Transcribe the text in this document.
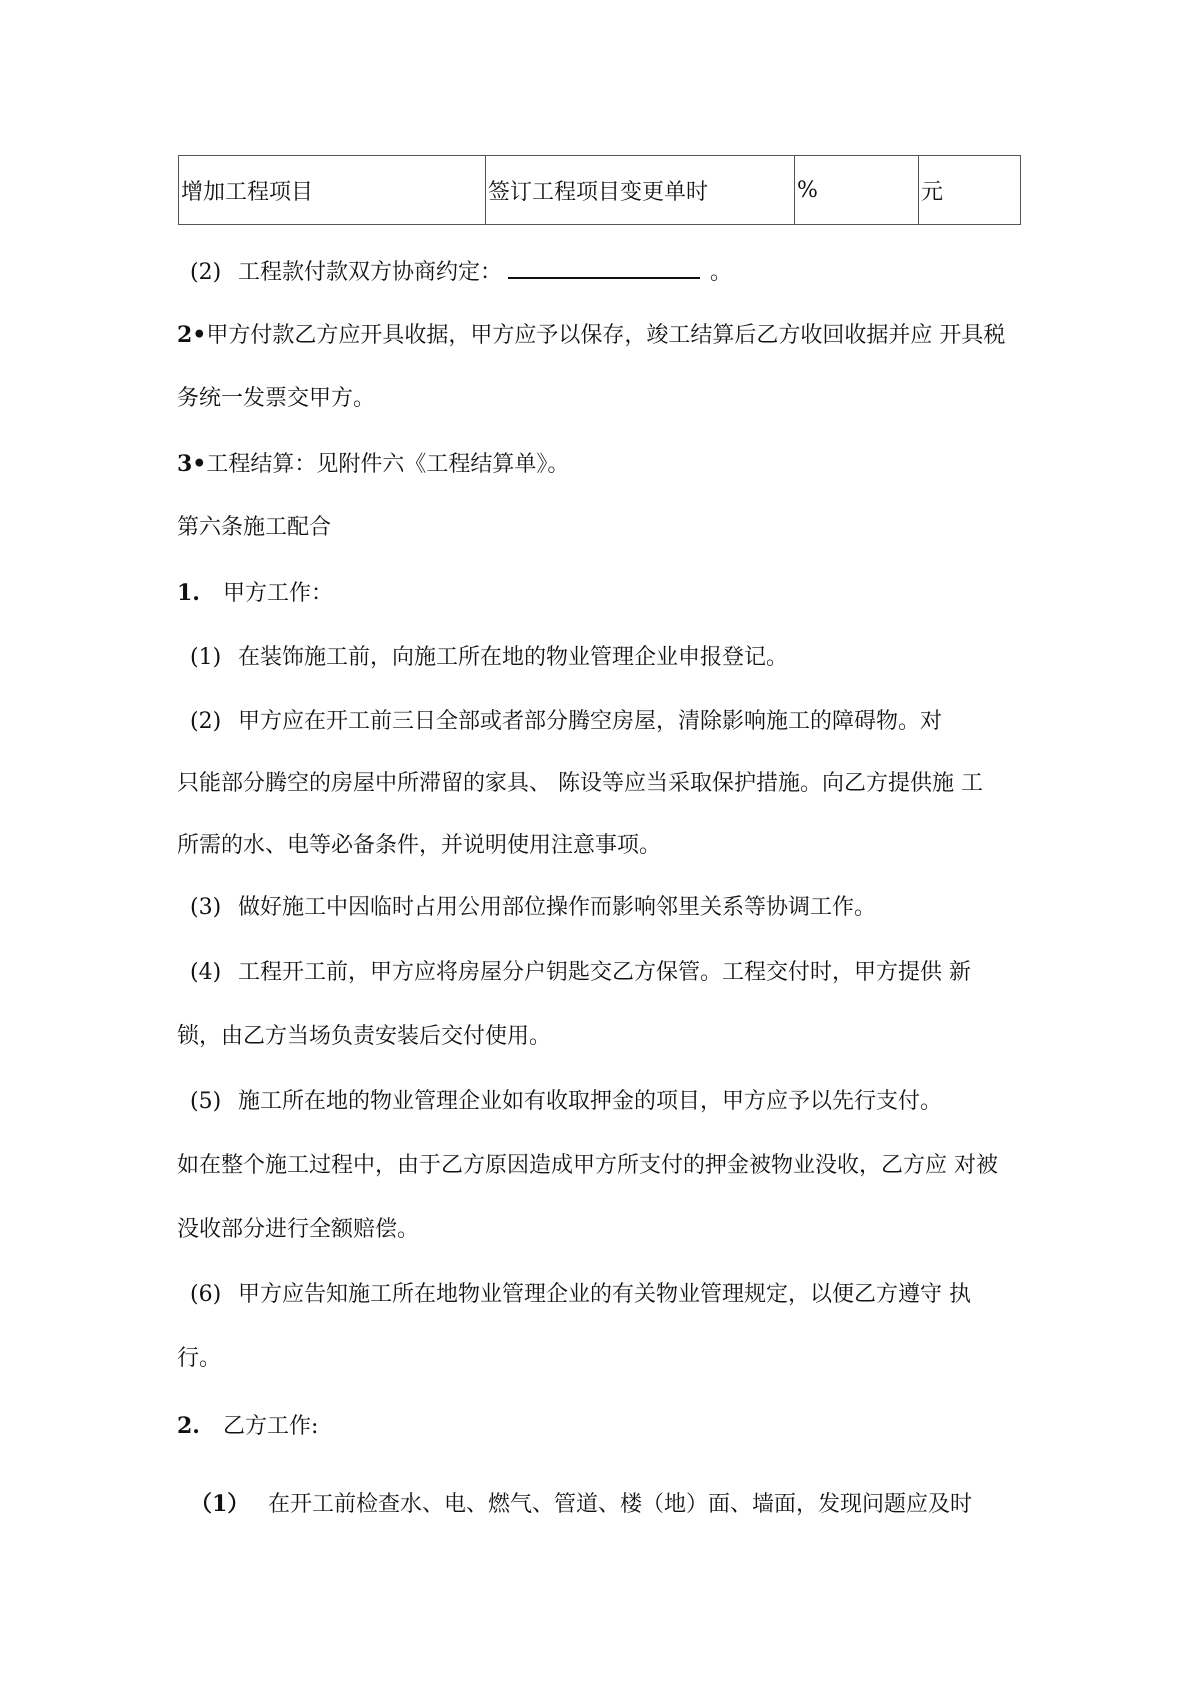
增加工程项目	签订工程项目变更单时	%	元
(2) 工程款付款双方协商约定：	。
2•甲方付款乙方应开具收据，甲方应予以保存，竣工结算后乙方收回收据并应 开具税
务统一发票交甲方。
3•工程结算：见附件六《工程结算单》。
第六条施工配合
1. 甲方工作：
(1) 在装饰施工前，向施工所在地的物业管理企业申报登记。
(2) 甲方应在开工前三日全部或者部分腾空房屋，清除影响施工的障碍物。对
只能部分腾空的房屋中所滞留的家具、 陈设等应当采取保护措施。向乙方提供施 工
所需的水、电等必备条件，并说明使用注意事项。
(3) 做好施工中因临时占用公用部位操作而影响邻里关系等协调工作。
(4) 工程开工前，甲方应将房屋分户钥匙交乙方保管。工程交付时，甲方提供 新
锁，由乙方当场负责安装后交付使用。
(5) 施工所在地的物业管理企业如有收取押金的项目，甲方应予以先行支付。
如在整个施工过程中，由于乙方原因造成甲方所支付的押金被物业没收，乙方应 对被
没收部分进行全额赔偿。
(6) 甲方应告知施工所在地物业管理企业的有关物业管理规定，以便乙方遵守 执
行。
2. 乙方工作:
（1） 在开工前检查水、电、燃气、管道、楼（地）面、墙面，发现问题应及时
